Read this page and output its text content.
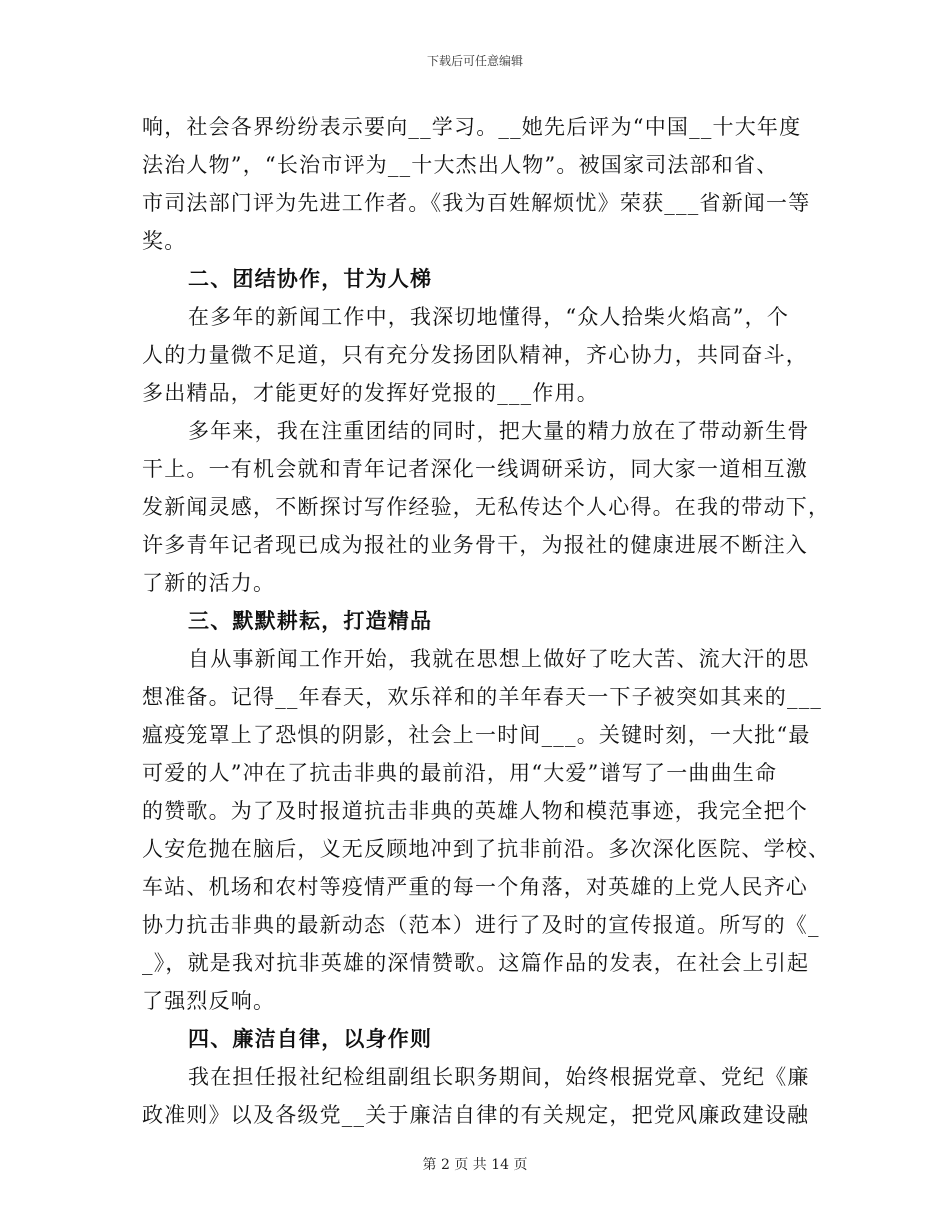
下载后可任意编辑
响，社会各界纷纷表示要向__学习。__她先后评为“中国__十大年度
法治人物”，“长治市评为__十大杰出人物”。被国家司法部和省、
市司法部门评为先进工作者。《我为百姓解烦忧》荣获___省新闻一等
奖。
二、团结协作，甘为人梯
在多年的新闻工作中，我深切地懂得，“众人拾柴火焰高”，个
人的力量微不足道，只有充分发扬团队精神，齐心协力，共同奋斗，
多出精品，才能更好的发挥好党报的___作用。
多年来，我在注重团结的同时，把大量的精力放在了带动新生骨
干上。一有机会就和青年记者深化一线调研采访，同大家一道相互激
发新闻灵感，不断探讨写作经验，无私传达个人心得。在我的带动下，
许多青年记者现已成为报社的业务骨干，为报社的健康进展不断注入
了新的活力。
三、默默耕耘，打造精品
自从事新闻工作开始，我就在思想上做好了吃大苦、流大汗的思
想准备。记得__年春天，欢乐祥和的羊年春天一下子被突如其来的___
瘟疫笼罩上了恐惧的阴影，社会上一时间___。关键时刻，一大批“最
可爱的人”冲在了抗击非典的最前沿，用“大爱”谱写了一曲曲生命
的赞歌。为了及时报道抗击非典的英雄人物和模范事迹，我完全把个
人安危抛在脑后，义无反顾地冲到了抗非前沿。多次深化医院、学校、
车站、机场和农村等疫情严重的每一个角落，对英雄的上党人民齐心
协力抗击非典的最新动态（范本）进行了及时的宣传报道。所写的《_
_》，就是我对抗非英雄的深情赞歌。这篇作品的发表，在社会上引起
了强烈反响。
四、廉洁自律，以身作则
我在担任报社纪检组副组长职务期间，始终根据党章、党纪《廉
政准则》以及各级党__关于廉洁自律的有关规定，把党风廉政建设融
第 2 页 共 14 页
